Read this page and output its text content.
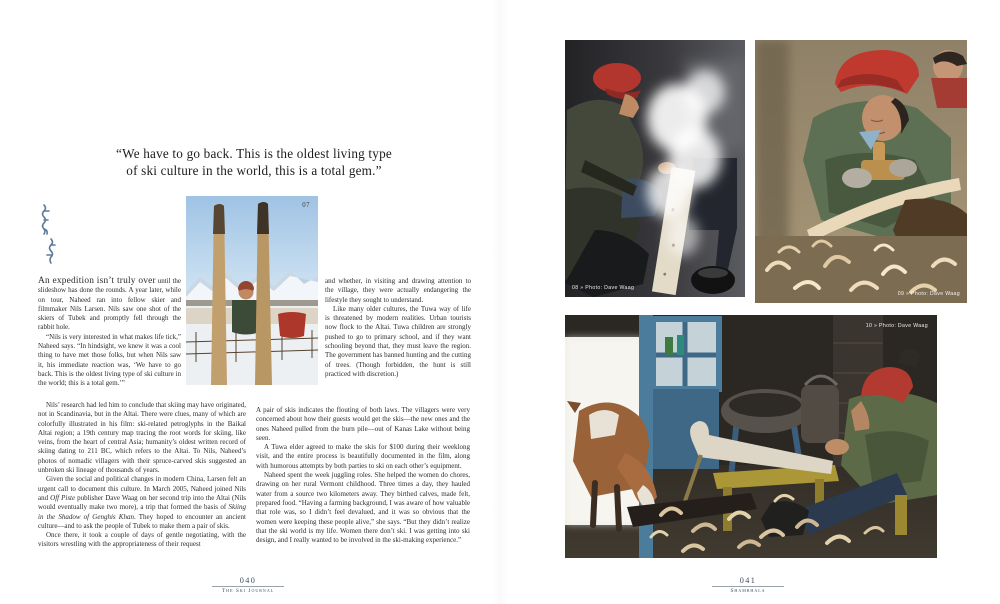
“We have to go back. This is the oldest living type
of ski culture in the world, this is a total gem.”
07

An expedition isn’t truly over until the slideshow has done the rounds. A year later, while on tour, Naheed ran into fellow skier and filmmaker Nils Larsen. Nils saw one shot of the skiers of Tubek and promptly fell through the rabbit hole.

“Nils is very interested in what makes life tick,” Naheed says. “In hindsight, we knew it was a cool thing to have met those folks, but when Nils saw it, his immediate reaction was, ‘We have to go back. This is the oldest living type of ski culture in the world; this is a total gem.’”

Nils’ research had led him to conclude that skiing may have originated, not in Scandinavia, but in the Altai. There were clues, many of which are colorfully illustrated in his film: ski-related petroglyphs in the Baikal Altai region; a 19th century map tracing the root words for skiing, like veins, from the heart of central Asia; humanity’s oldest written record of skiing dating to 211 BC, which refers to the Altai. To Nils, Naheed’s photos of nomadic villagers with their spruce-carved skis suggested an unbroken ski lineage of thousands of years.

Given the social and political changes in modern China, Larsen felt an urgent call to document this culture. In March 2005, Naheed joined Nils and Off Piste publisher Dave Waag on her second trip into the Altai (Nils would eventually make two more), a trip that formed the basis of Skiing in the Shadow of Genghis Khan. They hoped to encounter an ancient culture—and to ask the people of Tubek to make them a pair of skis.

Once there, it took a couple of days of gentle negotiating, with the visitors wrestling with the appropriateness of their request

and whether, in visiting and drawing attention to the village, they were actually endangering the lifestyle they sought to understand.

Like many older cultures, the Tuwa way of life is threatened by modern realities. Urban tourists now flock to the Altai. Tuwa children are strongly pushed to go to primary school, and if they want schooling beyond that, they must leave the region. The government has banned hunting and the cutting of trees. (Though forbidden, the hunt is still practiced with discretion.)

A pair of skis indicates the flouting of both laws. The villagers were very concerned about how their guests would get the skis—the new ones and the ones Naheed pulled from the burn pile—out of Kanas Lake without being seen.

A Tuwa elder agreed to make the skis for $100 during their weeklong visit, and the entire process is beautifully documented in the film, along with humorous attempts by both parties to ski on each other’s equipment.

Naheed spent the week juggling roles. She helped the women do chores, drawing on her rural Vermont childhood. Three times a day, they hauled water from a source two kilometers away. They birthed calves, made felt, prepared food. “Having a farming background, I was aware of how valuable that role was, so I didn’t feel devalued, and it was so obvious that the women were keeping these people alive,” she says. “But they didn’t realize that the ski world is my life. Women there don’t ski. I was getting into ski design, and I really wanted to be involved in the ski-making experience.”

040
The Ski Journal
08 » Photo: Dave Waag
09 » Photo: Dave Waag
10 » Photo: Dave Waag
041
Shambhala
